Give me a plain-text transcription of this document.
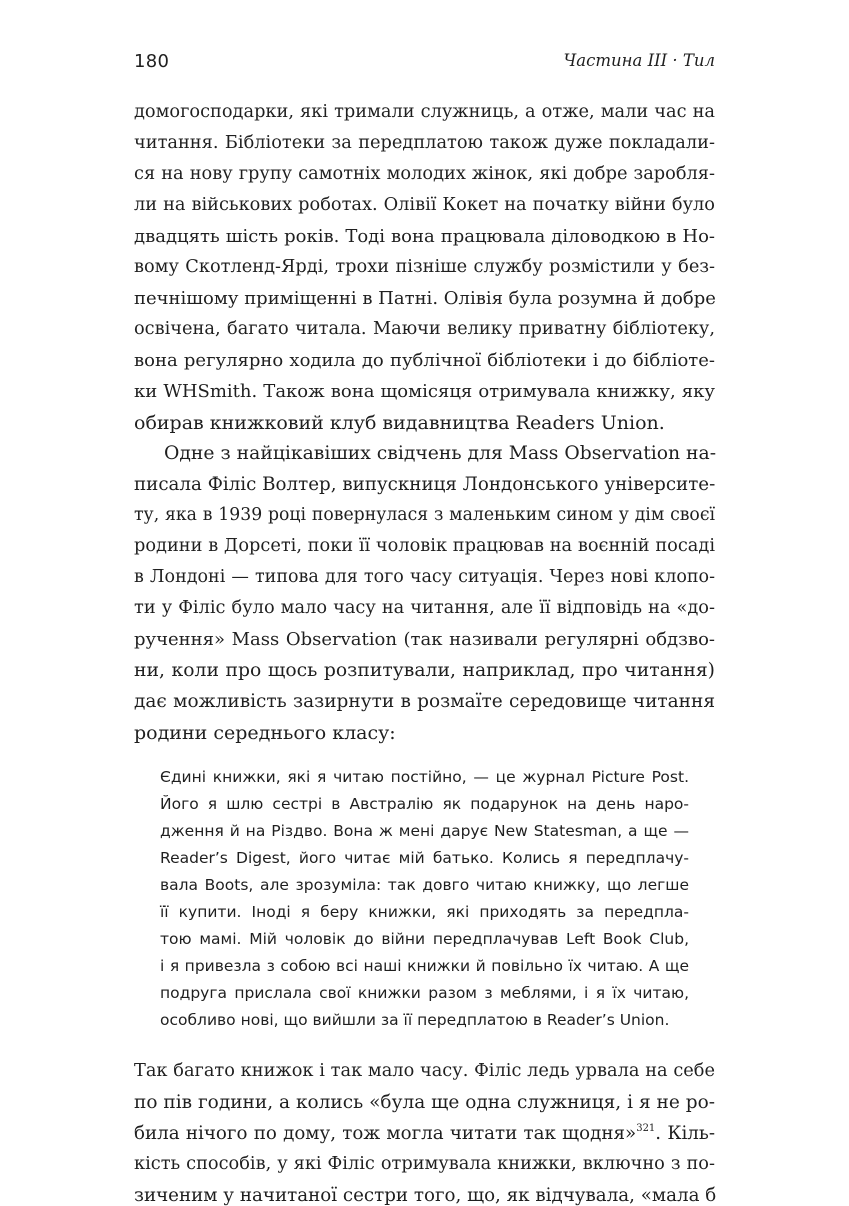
180	Частина ІІІ · Тил
домогосподарки, які тримали служниць, а отже, мали час на
читання. Бібліотеки за передплатою також дуже покладали-
ся на нову групу самотніх молодих жінок, які добре заробля-
ли на військових роботах. Олівії Кокет на початку війни було
двадцять шість років. Тоді вона працювала діловодкою в Но-
вому Скотленд-Ярді, трохи пізніше службу розмістили у без-
печнішому приміщенні в Патні. Олівія була розумна й добре
освічена, багато читала. Маючи велику приватну бібліотеку,
вона регулярно ходила до публічної бібліотеки і до бібліоте-
ки WHSmith. Також вона щомісяця отримувала книжку, яку
обирав книжковий клуб видавництва Readers Union.
Одне з найцікавіших свідчень для Mass Observation на-
писала Філіс Волтер, випускниця Лондонського університе-
ту, яка в 1939 році повернулася з маленьким сином у дім своєї
родини в Дорсеті, поки її чоловік працював на воєнній посаді
в Лондоні — типова для того часу ситуація. Через нові клопо-
ти у Філіс було мало часу на читання, але її відповідь на «до-
ручення» Mass Observation (так називали регулярні обдзво-
ни, коли про щось розпитували, наприклад, про читання)
дає можливість зазирнути в розмаїте середовище читання
родини середнього класу:
Єдині книжки, які я читаю постійно, — це журнал Picture Post.
Його я шлю сестрі в Австралію як подарунок на день наро-
дження й на Різдво. Вона ж мені дарує New Statesman, а ще —
Reader’s Digest, його читає мій батько. Колись я передплачу-
вала Boots, але зрозуміла: так довго читаю книжку, що легше
її купити. Іноді я беру книжки, які приходять за передпла-
тою мамі. Мій чоловік до війни передплачував Left Book Club,
і я привезла з собою всі наші книжки й повільно їх читаю. А ще
подруга прислала свої книжки разом з меблями, і я їх читаю,
особливо нові, що вийшли за її передплатою в Reader’s Union.
Так багато книжок і так мало часу. Філіс ледь урвала на себе
по пів години, а колись «була ще одна служниця, і я не ро-
била нічого по дому, тож могла читати так щодня»$^{321}$. Кіль-
кість способів, у які Філіс отримувала книжки, включно з по-
зиченим у начитаної сестри того, що, як відчувала, «мала б
